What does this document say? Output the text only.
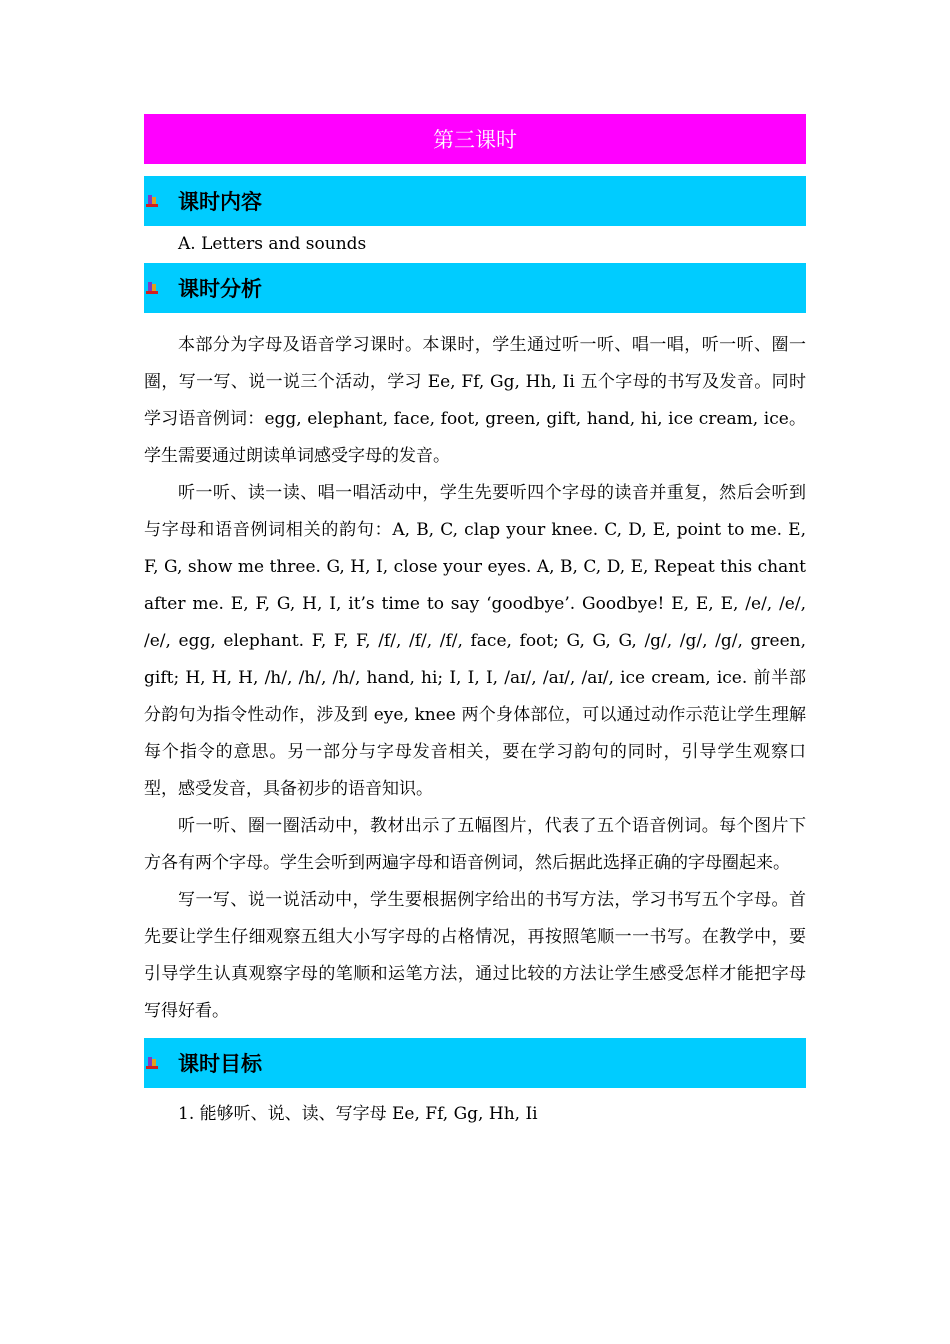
第三课时
课时内容
A. Letters and sounds
课时分析

本部分为字母及语音学习课时。本课时，学生通过听一听、唱一唱，听一听、圈一圈，写一写、说一说三个活动，学习 Ee, Ff, Gg, Hh, Ii 五个字母的书写及发音。同时学习语音例词：egg, elephant, face, foot, green, gift, hand, hi, ice cream, ice。学生需要通过朗读单词感受字母的发音。

听一听、读一读、唱一唱活动中，学生先要听四个字母的读音并重复，然后会听到与字母和语音例词相关的韵句：A, B, C, clap your knee. C, D, E, point to me. E, F, G, show me three. G, H, I, close your eyes. A, B, C, D, E, Repeat this chant after me. E, F, G, H, I, it’s time to say ‘goodbye’. Goodbye! E, E, E, /e/, /e/, /e/, egg, elephant. F, F, F, /f/, /f/, /f/, face, foot; G, G, G, /g/, /g/, /g/, green, gift; H, H, H, /h/, /h/, /h/, hand, hi; I, I, I, /aɪ/, /aɪ/, /aɪ/, ice cream, ice. 前半部分韵句为指令性动作，涉及到 eye, knee 两个身体部位，可以通过动作示范让学生理解每个指令的意思。另一部分与字母发音相关，要在学习韵句的同时，引导学生观察口型，感受发音，具备初步的语音知识。

听一听、圈一圈活动中，教材出示了五幅图片，代表了五个语音例词。每个图片下方各有两个字母。学生会听到两遍字母和语音例词，然后据此选择正确的字母圈起来。

写一写、说一说活动中，学生要根据例字给出的书写方法，学习书写五个字母。首先要让学生仔细观察五组大小写字母的占格情况，再按照笔顺一一书写。在教学中，要引导学生认真观察字母的笔顺和运笔方法，通过比较的方法让学生感受怎样才能把字母写得好看。

课时目标
1. 能够听、说、读、写字母 Ee, Ff, Gg, Hh, Ii
